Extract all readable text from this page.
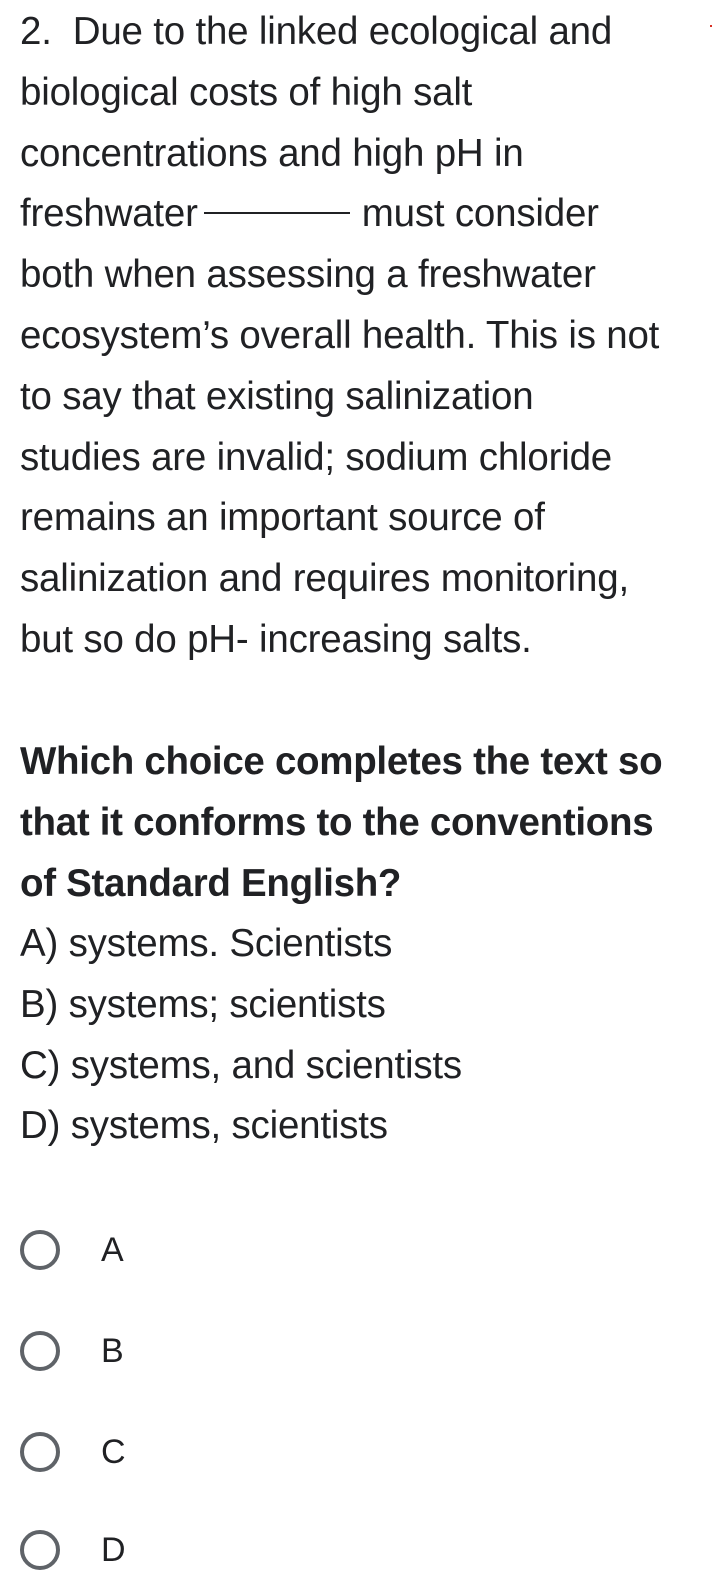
2. Due to the linked ecological and
biological costs of high salt
concentrations and high pH in
freshwater	must consider
both when assessing a freshwater
ecosystem’s overall health. This is not
to say that existing salinization
studies are invalid; sodium chloride
remains an important source of
salinization and requires monitoring,
but so do pH- increasing salts.
Which choice completes the text so
that it conforms to the conventions
of Standard English?
A) systems. Scientists
B) systems; scientists
C) systems, and scientists
D) systems, scientists
A
B
C
D
